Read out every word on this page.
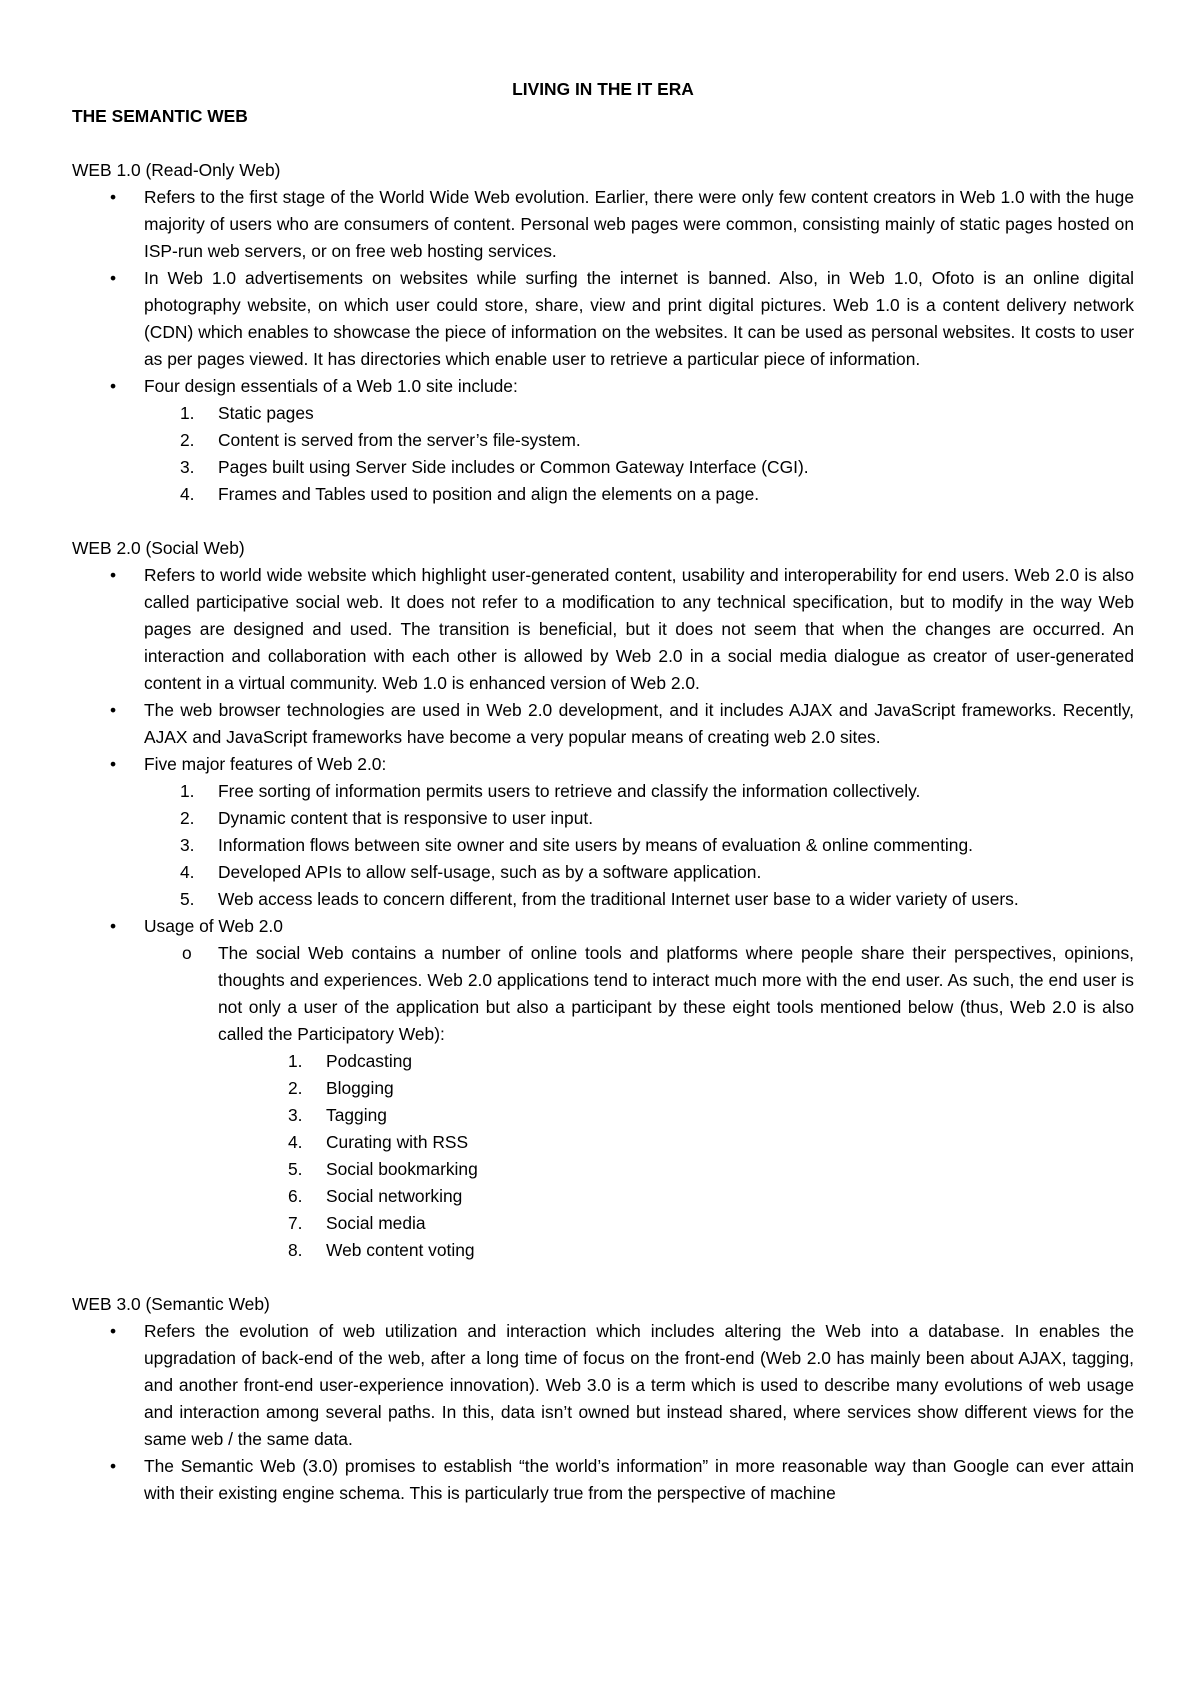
LIVING IN THE IT ERA

THE SEMANTIC WEB

WEB 1.0 (Read-Only Web)

• Refers to the first stage of the World Wide Web evolution. Earlier, there were only few content creators in Web 1.0 with the huge majority of users who are consumers of content. Personal web pages were common, consisting mainly of static pages hosted on ISP-run web servers, or on free web hosting services.
• In Web 1.0 advertisements on websites while surfing the internet is banned. Also, in Web 1.0, Ofoto is an online digital photography website, on which user could store, share, view and print digital pictures. Web 1.0 is a content delivery network (CDN) which enables to showcase the piece of information on the websites. It can be used as personal websites. It costs to user as per pages viewed. It has directories which enable user to retrieve a particular piece of information.
• Four design essentials of a Web 1.0 site include:
1. Static pages
2. Content is served from the server’s file-system.
3. Pages built using Server Side includes or Common Gateway Interface (CGI).
4. Frames and Tables used to position and align the elements on a page.

WEB 2.0 (Social Web)

• Refers to world wide website which highlight user-generated content, usability and interoperability for end users. Web 2.0 is also called participative social web. It does not refer to a modification to any technical specification, but to modify in the way Web pages are designed and used. The transition is beneficial, but it does not seem that when the changes are occurred. An interaction and collaboration with each other is allowed by Web 2.0 in a social media dialogue as creator of user-generated content in a virtual community. Web 1.0 is enhanced version of Web 2.0.
• The web browser technologies are used in Web 2.0 development, and it includes AJAX and JavaScript frameworks. Recently, AJAX and JavaScript frameworks have become a very popular means of creating web 2.0 sites.
• Five major features of Web 2.0:
1. Free sorting of information permits users to retrieve and classify the information collectively.
2. Dynamic content that is responsive to user input.
3. Information flows between site owner and site users by means of evaluation & online commenting.
4. Developed APIs to allow self-usage, such as by a software application.
5. Web access leads to concern different, from the traditional Internet user base to a wider variety of users.
• Usage of Web 2.0
o The social Web contains a number of online tools and platforms where people share their perspectives, opinions, thoughts and experiences. Web 2.0 applications tend to interact much more with the end user. As such, the end user is not only a user of the application but also a participant by these eight tools mentioned below (thus, Web 2.0 is also called the Participatory Web):
1. Podcasting
2. Blogging
3. Tagging
4. Curating with RSS
5. Social bookmarking
6. Social networking
7. Social media
8. Web content voting

WEB 3.0 (Semantic Web)

• Refers the evolution of web utilization and interaction which includes altering the Web into a database. In enables the upgradation of back-end of the web, after a long time of focus on the front-end (Web 2.0 has mainly been about AJAX, tagging, and another front-end user-experience innovation). Web 3.0 is a term which is used to describe many evolutions of web usage and interaction among several paths. In this, data isn’t owned but instead shared, where services show different views for the same web / the same data.
• The Semantic Web (3.0) promises to establish “the world’s information” in more reasonable way than Google can ever attain with their existing engine schema. This is particularly true from the perspective of machine
